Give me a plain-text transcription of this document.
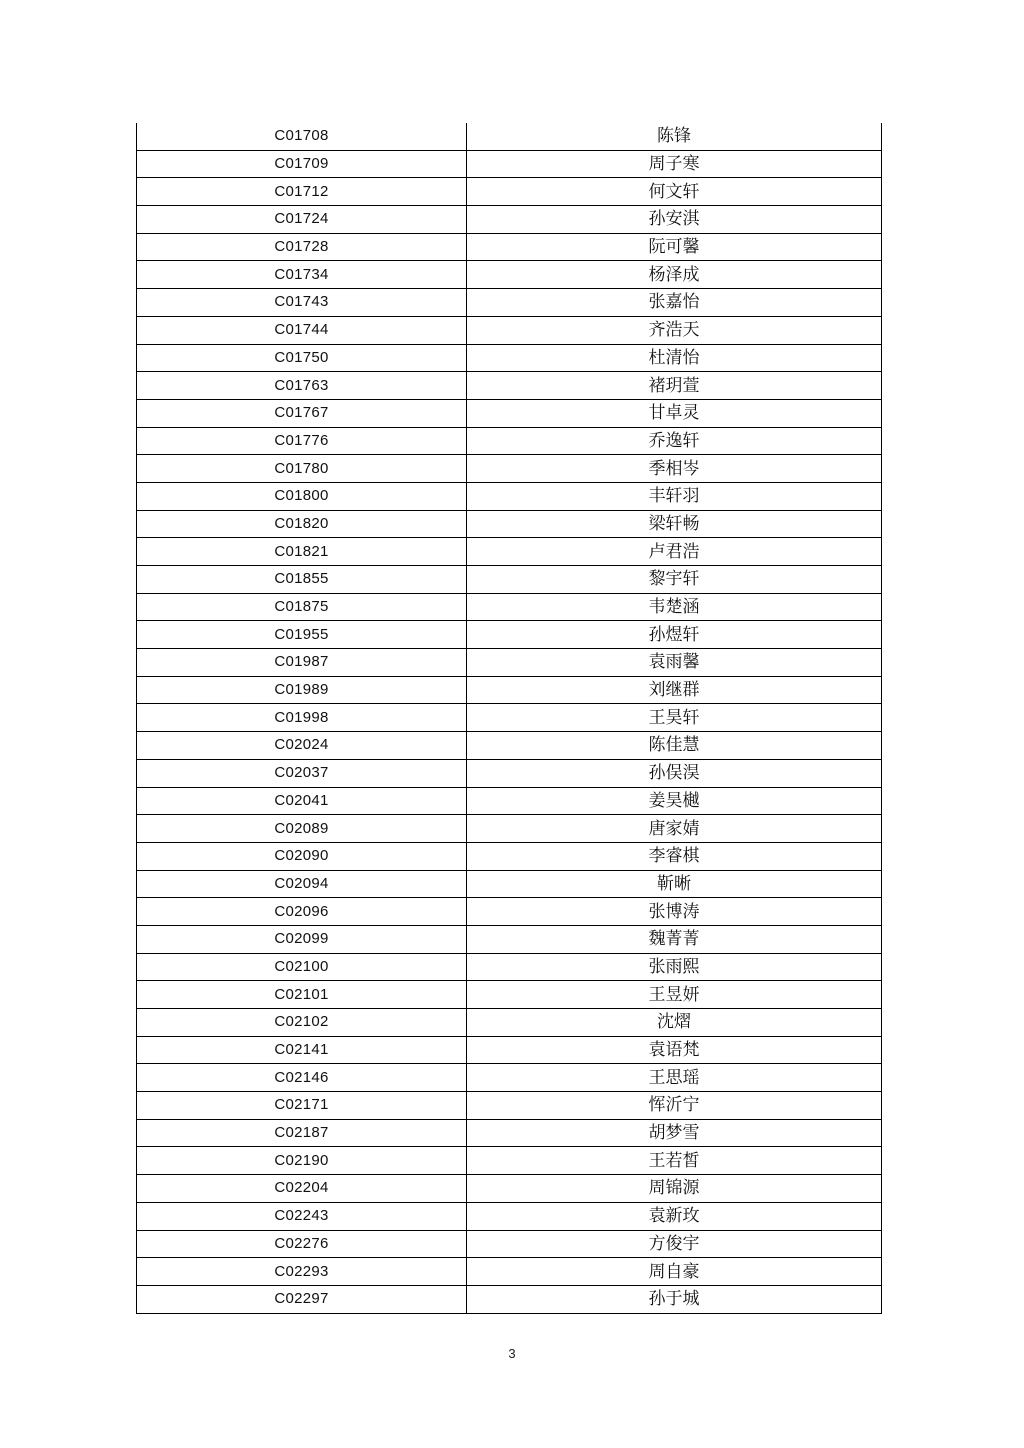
C01708	陈锋
C01709	周子寒
C01712	何文轩
C01724	孙安淇
C01728	阮可馨
C01734	杨泽成
C01743	张嘉怡
C01744	齐浩天
C01750	杜清怡
C01763	褚玥萱
C01767	甘卓灵
C01776	乔逸轩
C01780	季相岑
C01800	丰轩羽
C01820	梁轩畅
C01821	卢君浩
C01855	黎宇轩
C01875	韦楚涵
C01955	孙煜轩
C01987	袁雨馨
C01989	刘继群
C01998	王昊轩
C02024	陈佳慧
C02037	孙俣淏
C02041	姜昊樾
C02089	唐家婧
C02090	李睿棋
C02094	靳晰
C02096	张博涛
C02099	魏菁菁
C02100	张雨熙
C02101	王昱妍
C02102	沈熠
C02141	袁语梵
C02146	王思瑶
C02171	恽沂宁
C02187	胡梦雪
C02190	王若皙
C02204	周锦源
C02243	袁新玫
C02276	方俊宇
C02293	周自豪
C02297	孙于城
3
